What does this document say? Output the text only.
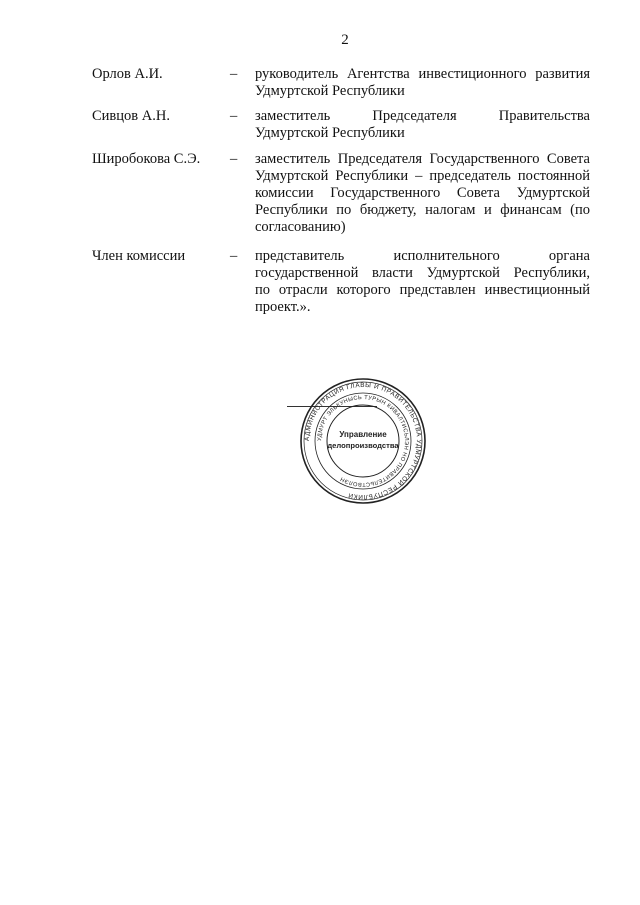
2
Орлов А.И.	– руководитель Агентства инвестиционного развития
Удмуртской Республики
Сивцов А.Н.	– заместитель Председателя Правительства
Удмуртской Республики
Широбокова С.Э. – заместитель Председателя Государственного Совета
Удмуртской Республики – председатель постоянной
комиссии Государственного Совета Удмуртской
Республики по бюджету, налогам и финансам (по
согласованию)
Член комиссии	– представитель исполнительного органа
государственной власти Удмуртской Республики,
по отрасли которого представлен инвестиционный
проект.».
АДМИНИСТРАЦИЯ ГЛАВЫ И ПРАВИТЕЛЬСТВА УДМУРТСКОЙ РЕСПУБЛИКИ
УДМУРТ ЭЛЬКУНЫСЬ ТУРЫН КИВАЛТИСЬЛЭН НО ПРАВИТЕЛЬСТВОЛЭН
Управление
делопроизводства
